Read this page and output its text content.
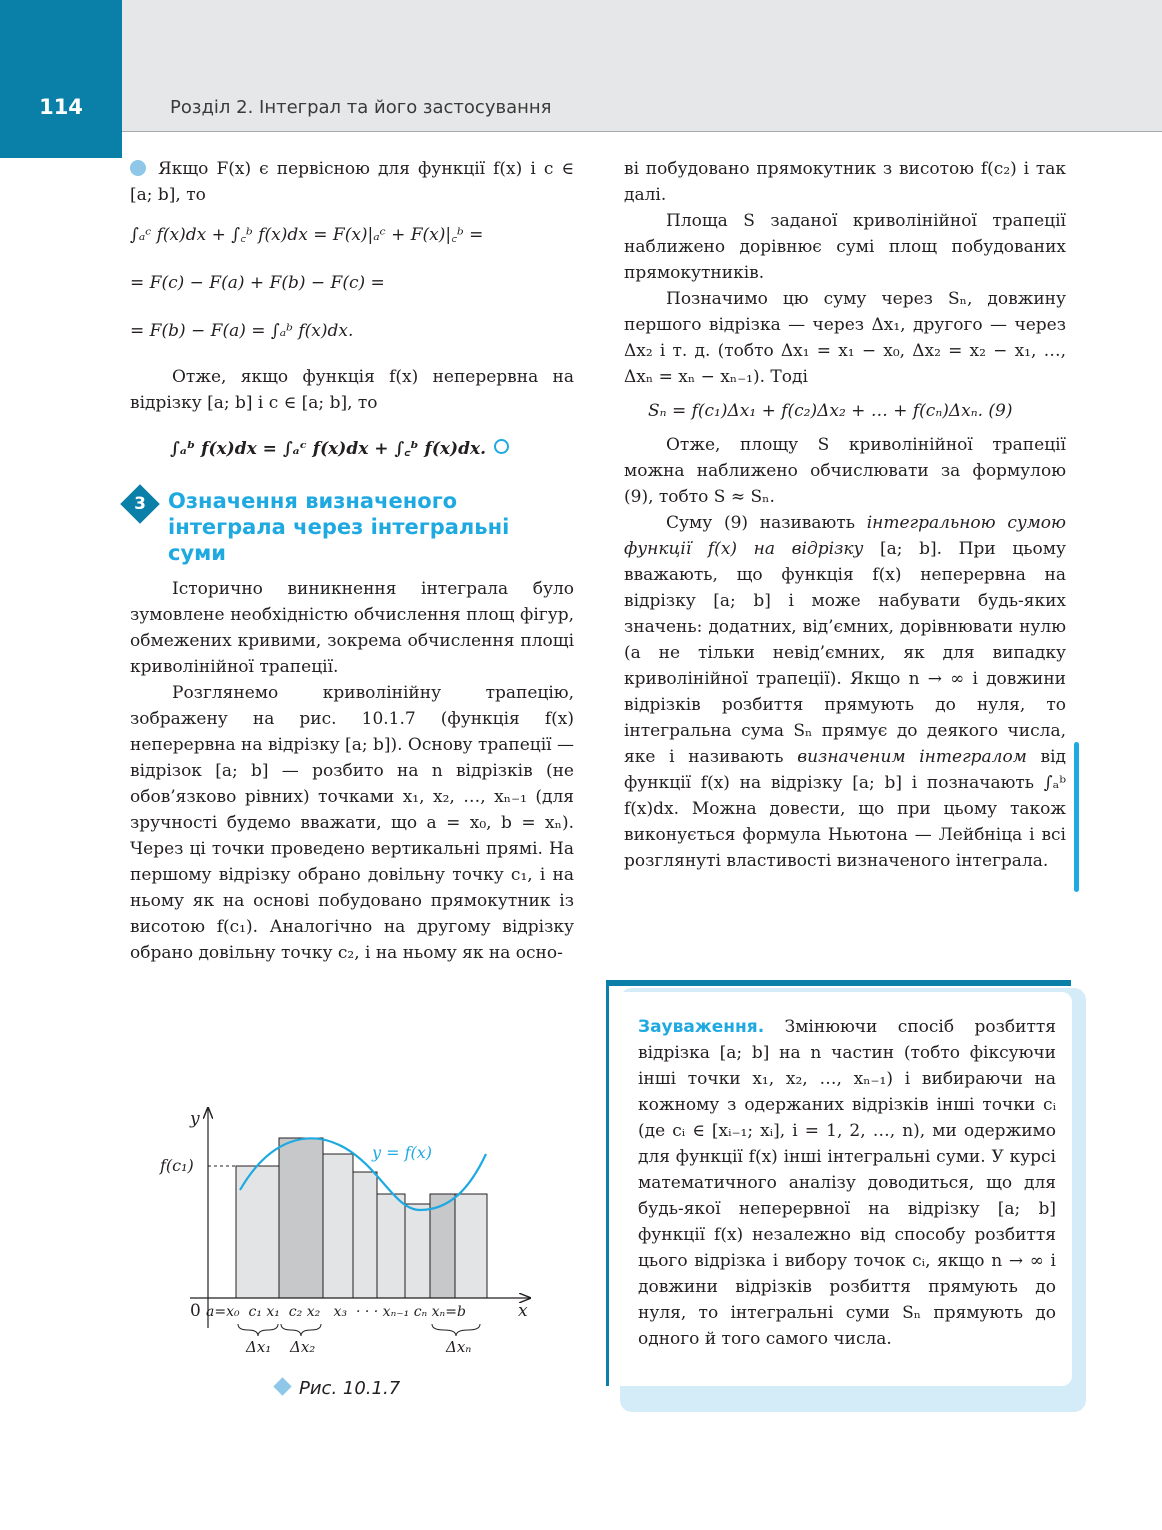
114	Розділ 2. Інтеграл та його застосування

Якщо F(x) є первісною для функції f(x) і c ∈ [a; b], то

∫ₐᶜ f(x)dx + ∫꜀ᵇ f(x)dx = F(x)|ₐᶜ + F(x)|꜀ᵇ =

= F(c) − F(a) + F(b) − F(c) =

= F(b) − F(a) = ∫ₐᵇ f(x)dx.

Отже, якщо функція f(x) неперервна на відрізку [a; b] і c ∈ [a; b], то

∫ₐᵇ f(x)dx = ∫ₐᶜ f(x)dx + ∫꜀ᵇ f(x)dx.

3	Означення визначеного
інтеграла через інтегральні
суми

Історично виникнення інтеграла було зумовлене необхідністю обчислення площ фігур, обмежених кривими, зокрема обчислення площі криволінійної трапеції.

Розглянемо криволінійну трапецію, зображену на рис. 10.1.7 (функція f(x) неперервна на відрізку [a; b]). Основу трапеції — відрізок [a; b] — розбито на n відрізків (не обов’язково рівних) точками x₁, x₂, …, xₙ₋₁ (для зручності будемо вважати, що a = x₀, b = xₙ). Через ці точки проведено вертикальні прямі. На першому відрізку обрано довільну точку c₁, і на ньому як на основі побудовано прямокутник із висотою f(c₁). Аналогічно на другому відрізку обрано довільну точку c₂, і на ньому як на осно-

y
x
0
f(c₁)
y = f(x)
a=x₀  c₁ x₁  c₂ x₂   x₃  · · · xₙ₋₁ cₙ xₙ=b
Δx₁ Δx₂	Δxₙ
Рис. 10.1.7

ві побудовано прямокутник з висотою f(c₂) і так далі.

Площа S заданої криволінійної трапеції наближено дорівнює сумі площ побудованих прямокутників.

Позначимо цю суму через Sₙ, довжину першого відрізка — через Δx₁, другого — через Δx₂ і т. д. (тобто Δx₁ = x₁ − x₀, Δx₂ = x₂ − x₁, …, Δxₙ = xₙ − xₙ₋₁). Тоді

Sₙ = f(c₁)Δx₁ + f(c₂)Δx₂ + … + f(cₙ)Δxₙ. (9)

Отже, площу S криволінійної трапеції можна наближено обчислювати за формулою (9), тобто S ≈ Sₙ.

Суму (9) називають інтегральною сумою функції f(x) на відрізку [a; b]. При цьому вважають, що функція f(x) неперервна на відрізку [a; b] і може набувати будь-яких значень: додатних, від’ємних, дорівнювати нулю (а не тільки невід’ємних, як для випадку криволінійної трапеції). Якщо n → ∞ і довжини відрізків розбиття прямують до нуля, то інтегральна сума Sₙ прямує до деякого числа, яке і називають визначеним інтегралом від функції f(x) на відрізку [a; b] і позначають ∫ₐᵇ f(x)dx. Можна довести, що при цьому також виконується формула Ньютона — Лейбніца і всі розглянуті властивості визначеного інтеграла.

Зауваження. Змінюючи спосіб розбиття відрізка [a; b] на n частин (тобто фіксуючи інші точки x₁, x₂, …, xₙ₋₁) і вибираючи на кожному з одержаних відрізків інші точки cᵢ (де cᵢ ∈ [xᵢ₋₁; xᵢ], i = 1, 2, …, n), ми одержимо для функції f(x) інші інтегральні суми. У курсі математичного аналізу доводиться, що для будь-якої неперервної на відрізку [a; b] функції f(x) незалежно від способу розбиття цього відрізка і вибору точок cᵢ, якщо n → ∞ і довжини відрізків розбиття прямують до нуля, то інтегральні суми Sₙ прямують до одного й того самого числа.
